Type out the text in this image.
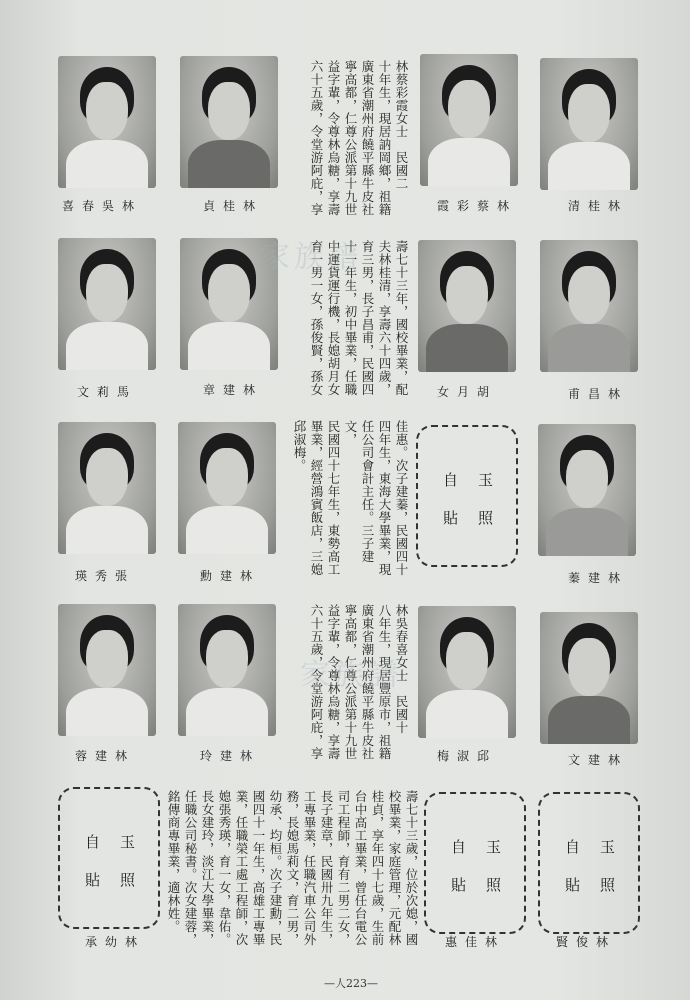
喜春吳林	貞桂林	霞彩蔡林	清桂林
文莉馬	章建林	女月胡	甫昌林
玉
自
照
貼
瑛秀張	勳建林	蓁建林
蓉建林	玲建林	梅淑邱	文建林
玉
自
照
貼
玉
自
照
貼
玉
自
照
貼
承幼林	惠佳林	賢俊林
林蔡彩霞女士　民國二
十年生，現居訥岡鄉，祖籍
廣東省潮州府饒平縣牛皮社
寧高都，仁尊公派第十九世
益字輩，令尊林烏糖，享壽
六十五歲，令堂游阿庇，享
壽七十三年，國校畢業，配
夫林桂清，享壽六十四歲，
育三男，長子昌甫，民國四
十一年生，初中畢業，任職
中運貨運行機，長媳胡月女
育一男一女，孫俊賢，孫女
佳惠。次子建蓁，民國四十
四年生，東海大學畢業，現
任公司會計主任。三子建文，
民國四十七年生，東勢高工
畢業，經營鴻賓飯店，三媳
邱淑梅。
林吳春喜女士　民國十
八年生，現居豐原市，祖籍
廣東省潮州府饒平縣牛皮社
寧高都，仁尊公派第十九世
益字輩，令尊林烏糖，享壽
六十五歲，令堂游阿庇，享
壽七十三歲，位於次媳，國
校畢業，家庭管理，元配林
桂貞，享年四十七歲，生前
台中高工畢業，曾任台電公
司工程師，育有二男二女，
長子建章，民國卅九年生，
工專畢業，任職汽車公司外
務，長媳馬莉文，育二男，
幼承、均桓。次子建勳，民
國四十一年生，高雄工專畢
業，任職榮工處工程師，次
媳張秀瑛，育一女，韋佑。
長女建玲，淡江大學畢業，
任職公司秘書。次女建蓉，
銘傳商專畢業，適林姓。
家族譜
家族譜
—人223—
